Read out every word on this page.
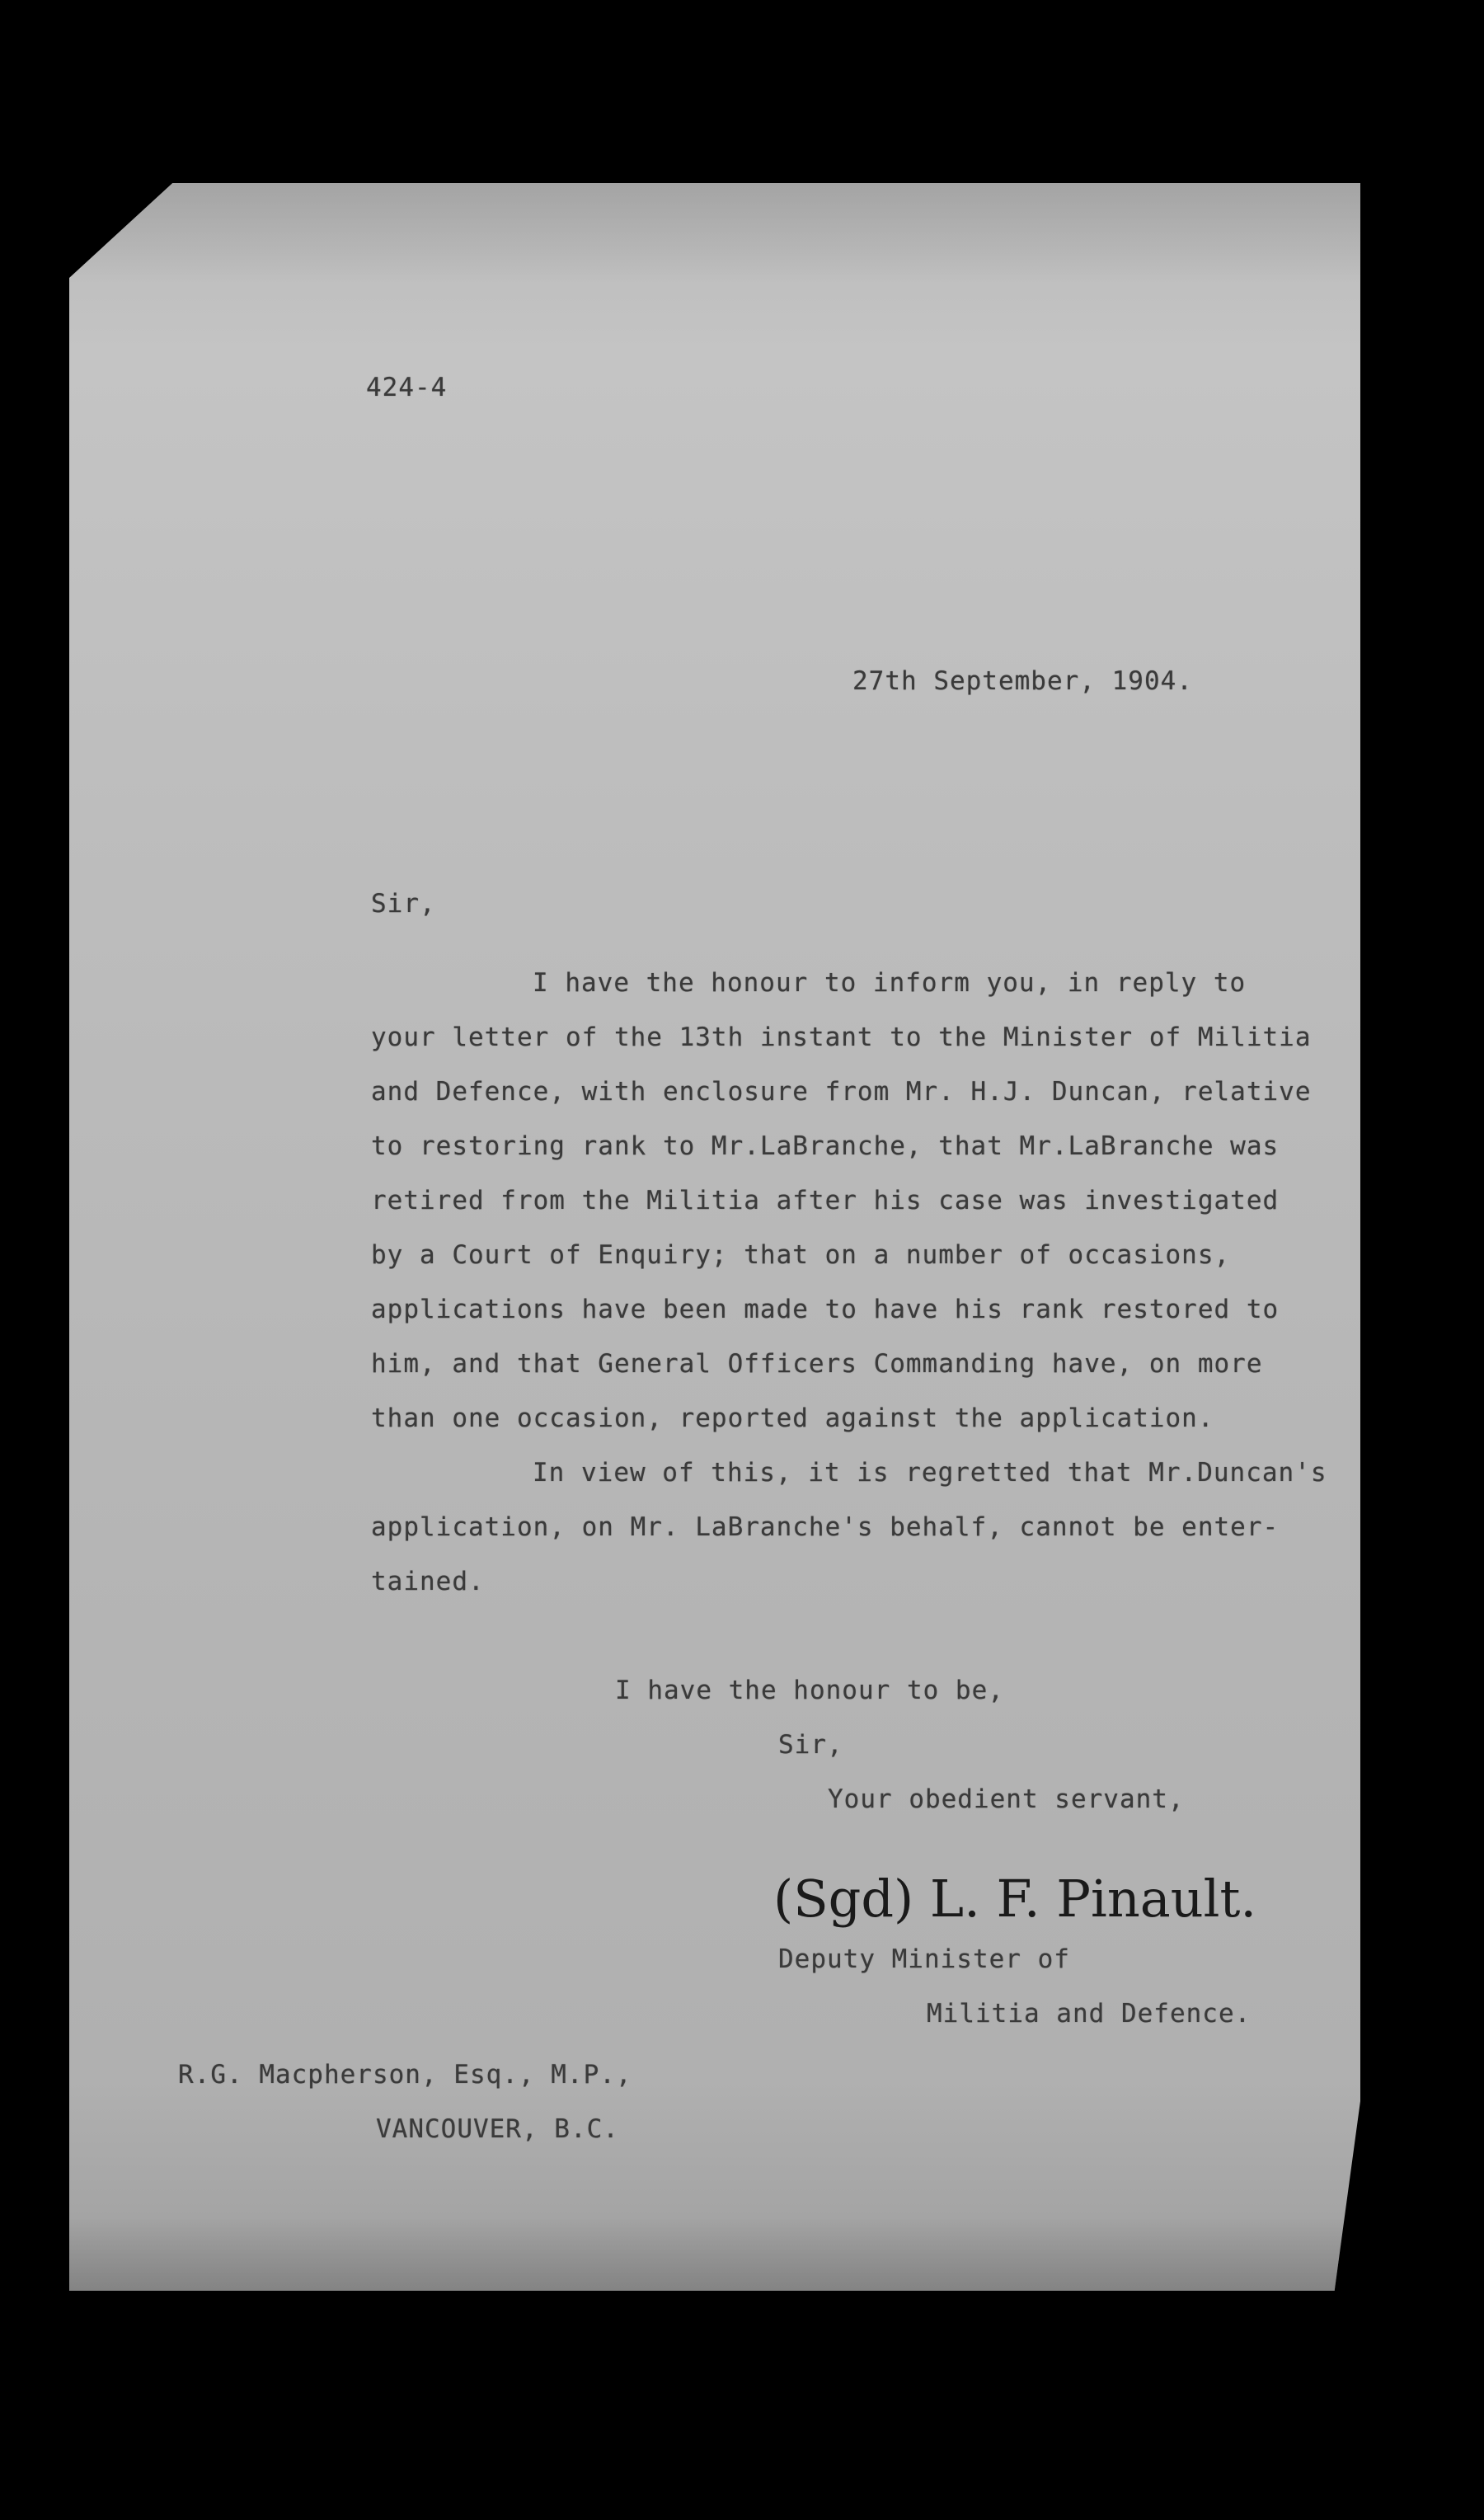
424-4
27th September, 1904.
Sir,
I have the honour to inform you, in reply to
your letter of the 13th instant to the Minister of Militia
and Defence, with enclosure from Mr. H.J. Duncan, relative
to restoring rank to Mr.LaBranche, that Mr.LaBranche was
retired from the Militia after his case was investigated
by a Court of Enquiry; that on a number of occasions,
applications have been made to have his rank restored to
him, and that General Officers Commanding have, on more
than one occasion, reported against the application.
In view of this, it is regretted that Mr.Duncan's
application, on Mr. LaBranche's behalf, cannot be enter-
tained.
I have the honour to be,
Sir,
Your obedient servant,
(Sgd) L. F. Pinault.
Deputy Minister of
Militia and Defence.
R.G. Macpherson, Esq., M.P.,
VANCOUVER, B.C.
